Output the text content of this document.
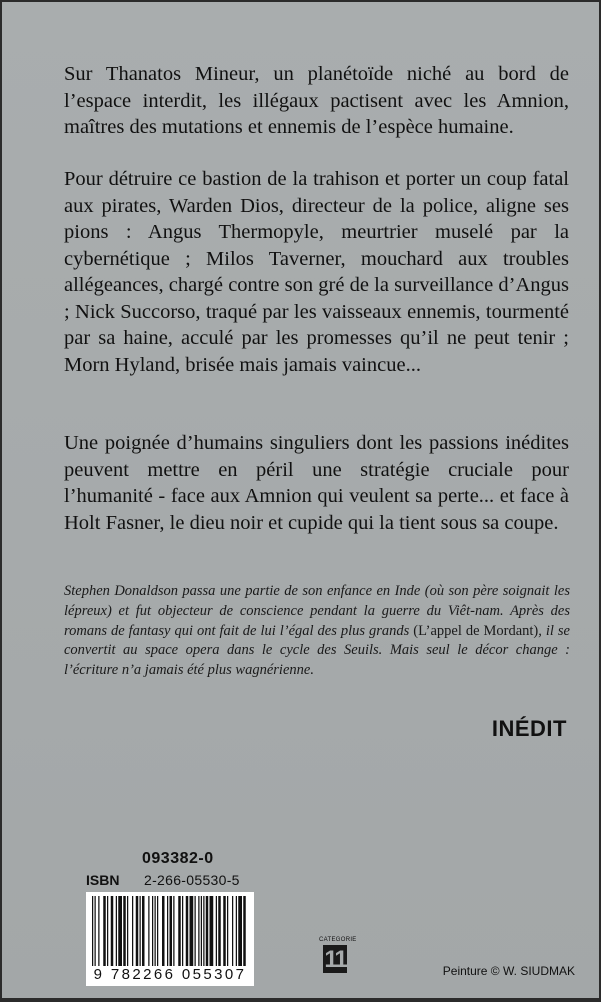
Sur Thanatos Mineur, un planétoïde niché au bord de l’espace interdit, les illégaux pactisent avec les Amnion, maîtres des mutations et ennemis de l’espèce humaine.

Pour détruire ce bastion de la trahison et porter un coup fatal aux pirates, Warden Dios, directeur de la police, aligne ses pions : Angus Thermopyle, meurtrier muselé par la cybernétique ; Milos Taverner, mouchard aux troubles allégeances, chargé contre son gré de la surveillance d’Angus ; Nick Succorso, traqué par les vaisseaux ennemis, tourmenté par sa haine, acculé par les promesses qu’il ne peut tenir ; Morn Hyland, brisée mais jamais vaincue...

Une poignée d’humains singuliers dont les passions inédites peuvent mettre en péril une stratégie cruciale pour l’humanité - face aux Amnion qui veulent sa perte... et face à Holt Fasner, le dieu noir et cupide qui la tient sous sa coupe.

Stephen Donaldson passa une partie de son enfance en Inde (où son père soignait les lépreux) et fut objecteur de conscience pendant la guerre du Viêt-nam. Après des romans de fantasy qui ont fait de lui l’égal des plus grands (L’appel de Mordant), il se convertit au space opera dans le cycle des Seuils. Mais seul le décor change : l’écriture n’a jamais été plus wagnérienne.

INÉDIT
093382-0
ISBN 2-266-05530-5
9 782266 055307
CATEGORIE
11	Peinture © W. SIUDMAK
